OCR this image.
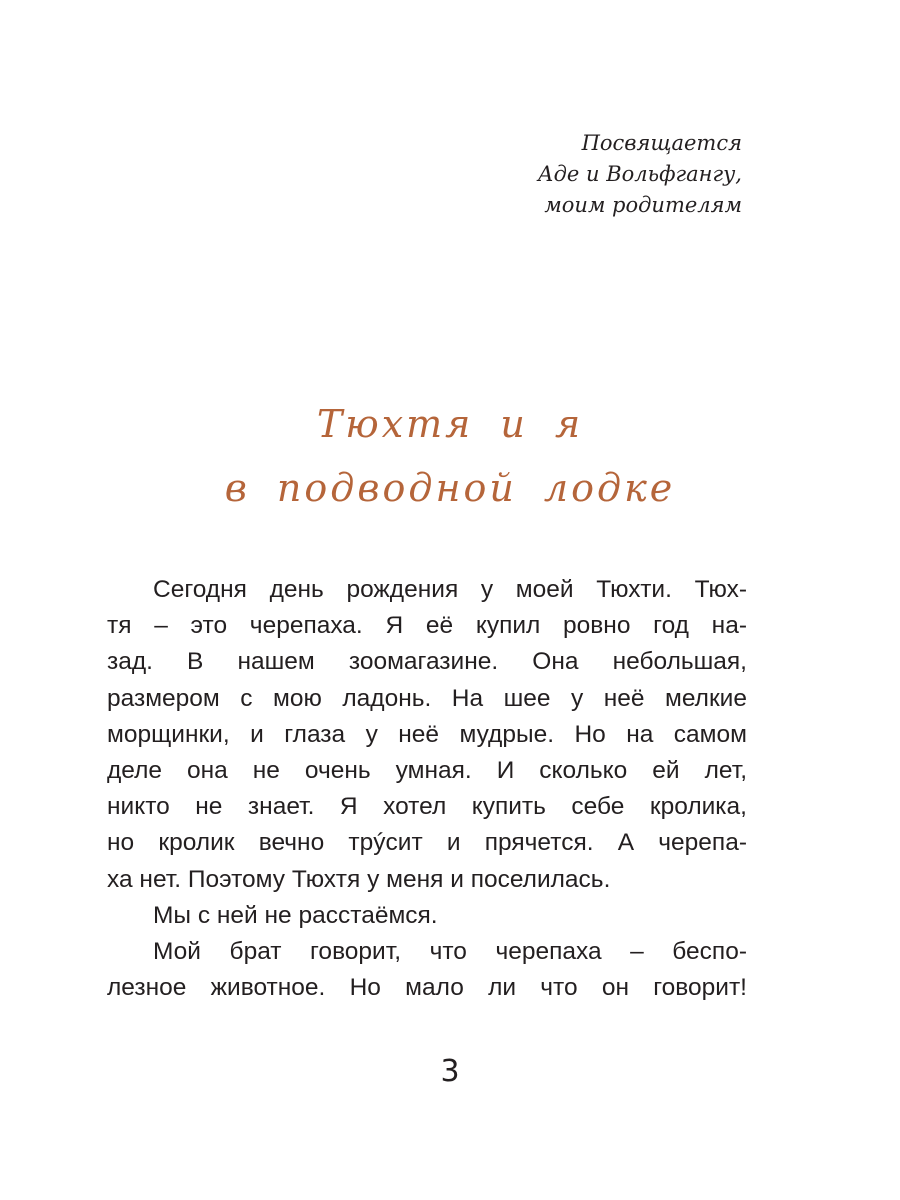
Посвящается
Аде и Вольфгангу,
моим родителям
Тюхтя и я
в подводной лодке
Сегодня день рождения у моей Тюхти. Тюх-
тя – это черепаха. Я её купил ровно год на-
зад. В нашем зоомагазине. Она небольшая,
размером с мою ладонь. На шее у неё мелкие
морщинки, и глаза у неё мудрые. Но на самом
деле она не очень умная. И сколько ей лет,
никто не знает. Я хотел купить себе кролика,
но кролик вечно трýсит и прячется. А черепа-
ха нет. Поэтому Тюхтя у меня и поселилась.
Мы с ней не расстаёмся.
Мой брат говорит, что черепаха – беспо-
лезное животное. Но мало ли что он говорит!
3
